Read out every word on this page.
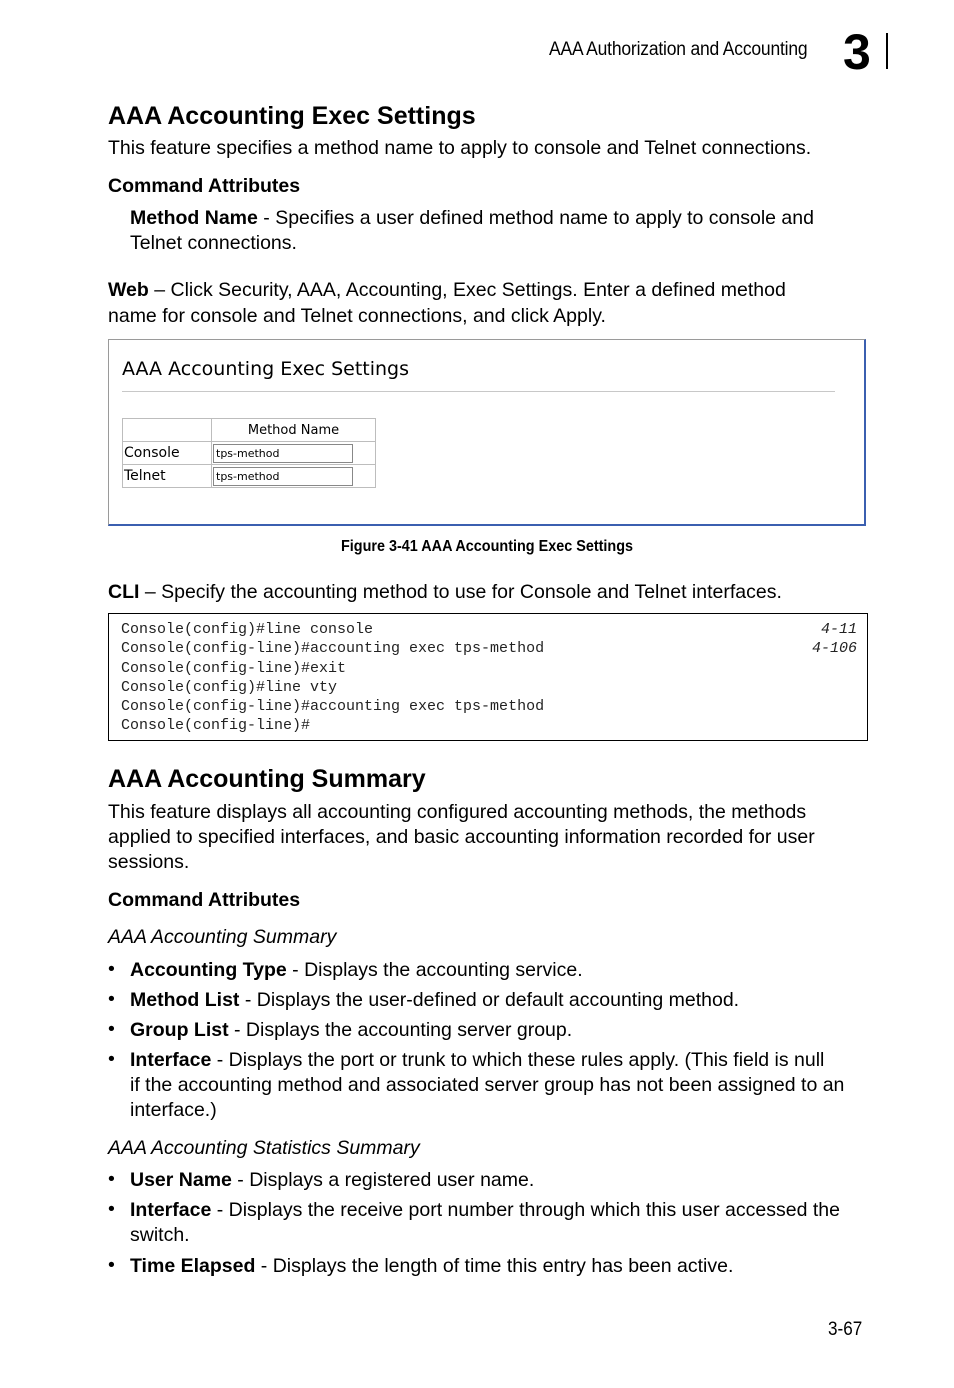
AAA Authorization and Accounting 3
AAA Accounting Exec Settings
This feature specifies a method name to apply to console and Telnet connections.
Command Attributes
Method Name - Specifies a user defined method name to apply to console and
Telnet connections.
Web – Click Security, AAA, Accounting, Exec Settings. Enter a defined method
name for console and Telnet connections, and click Apply.
AAA Accounting Exec Settings
	Method Name
Console	tps-method

Telnet	tps-method
Figure 3-41 AAA Accounting Exec Settings
CLI – Specify the accounting method to use for Console and Telnet interfaces.
Console(config)#line console	4-11
Console(config-line)#accounting exec tps-method	4-106
Console(config-line)#exit
Console(config)#line vty
Console(config-line)#accounting exec tps-method
Console(config-line)#
AAA Accounting Summary
This feature displays all accounting configured accounting methods, the methods
applied to specified interfaces, and basic accounting information recorded for user
sessions.
Command Attributes
AAA Accounting Summary
• Accounting Type - Displays the accounting service.
• Method List - Displays the user-defined or default accounting method.
• Group List - Displays the accounting server group.
• Interface - Displays the port or trunk to which these rules apply. (This field is null
if the accounting method and associated server group has not been assigned to an
interface.)
AAA Accounting Statistics Summary
• User Name - Displays a registered user name.
• Interface - Displays the receive port number through which this user accessed the
switch.
• Time Elapsed - Displays the length of time this entry has been active.
3-67
